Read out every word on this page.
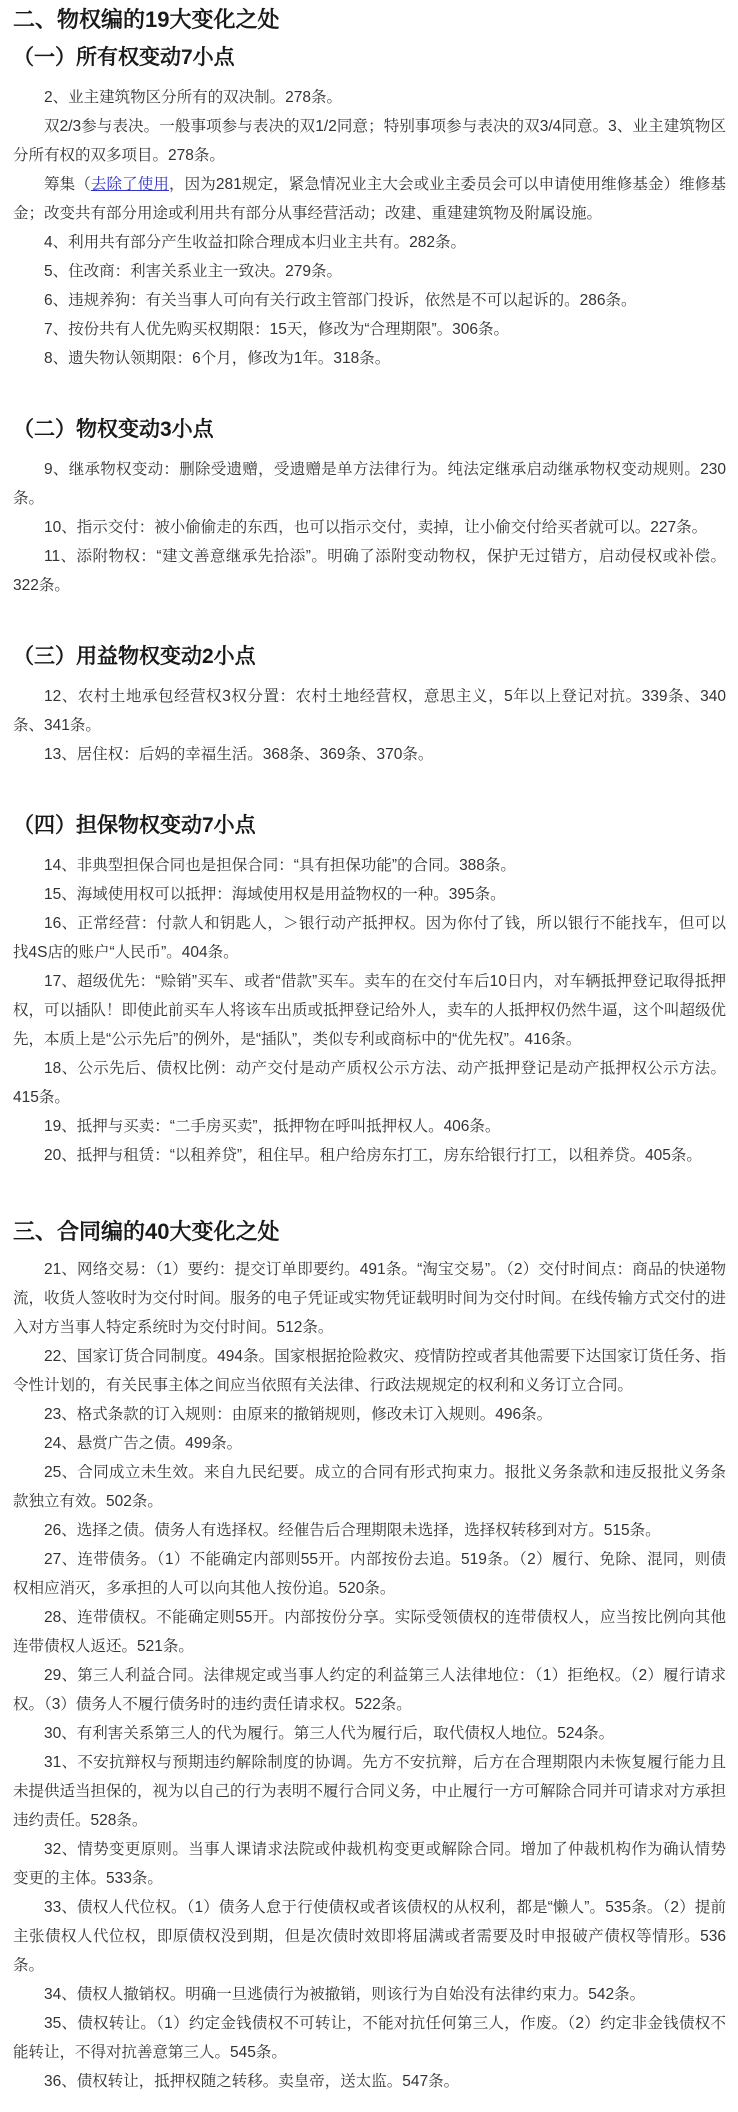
二、物权编的19大变化之处
（一）所有权变动7小点

2、业主建筑物区分所有的双决制。278条。

双2/3参与表决。一般事项参与表决的双1/2同意；特别事项参与表决的双3/4同意。3、业主建筑物区分所有权的双多项目。278条。

筹集（去除了使用，因为281规定，紧急情况业主大会或业主委员会可以申请使用维修基金）维修基金；改变共有部分用途或利用共有部分从事经营活动；改建、重建建筑物及附属设施。

4、利用共有部分产生收益扣除合理成本归业主共有。282条。

5、住改商：利害关系业主一致决。279条。

6、违规养狗：有关当事人可向有关行政主管部门投诉，依然是不可以起诉的。286条。

7、按份共有人优先购买权期限：15天，修改为“合理期限”。306条。

8、遗失物认领期限：6个月，修改为1年。318条。

（二）物权变动3小点

9、继承物权变动：删除受遗赠，受遗赠是单方法律行为。纯法定继承启动继承物权变动规则。230条。

10、指示交付：被小偷偷走的东西，也可以指示交付，卖掉，让小偷交付给买者就可以。227条。

11、添附物权：“建文善意继承先拾添”。明确了添附变动物权，保护无过错方，启动侵权或补偿。322条。

（三）用益物权变动2小点

12、农村土地承包经营权3权分置：农村土地经营权，意思主义，5年以上登记对抗。339条、340条、341条。

13、居住权：后妈的幸福生活。368条、369条、370条。

（四）担保物权变动7小点

14、非典型担保合同也是担保合同：“具有担保功能”的合同。388条。

15、海域使用权可以抵押：海域使用权是用益物权的一种。395条。

16、正常经营：付款人和钥匙人，＞银行动产抵押权。因为你付了钱，所以银行不能找车，但可以找4S店的账户“人民币”。404条。

17、超级优先：“赊销”买车、或者“借款”买车。卖车的在交付车后10日内，对车辆抵押登记取得抵押权，可以插队！即使此前买车人将该车出质或抵押登记给外人，卖车的人抵押权仍然牛逼，这个叫超级优先，本质上是“公示先后”的例外，是“插队”，类似专利或商标中的“优先权”。416条。

18、公示先后、债权比例：动产交付是动产质权公示方法、动产抵押登记是动产抵押权公示方法。415条。

19、抵押与买卖：“二手房买卖”，抵押物在呼叫抵押权人。406条。

20、抵押与租赁：“以租养贷”，租住早。租户给房东打工，房东给银行打工，以租养贷。405条。

三、合同编的40大变化之处

21、网络交易：（1）要约：提交订单即要约。491条。“淘宝交易”。（2）交付时间点：商品的快递物流，收货人签收时为交付时间。服务的电子凭证或实物凭证载明时间为交付时间。在线传输方式交付的进入对方当事人特定系统时为交付时间。512条。

22、国家订货合同制度。494条。国家根据抢险救灾、疫情防控或者其他需要下达国家订货任务、指令性计划的，有关民事主体之间应当依照有关法律、行政法规规定的权利和义务订立合同。

23、格式条款的订入规则：由原来的撤销规则，修改未订入规则。496条。

24、悬赏广告之债。499条。

25、合同成立未生效。来自九民纪要。成立的合同有形式拘束力。报批义务条款和违反报批义务条款独立有效。502条。

26、选择之债。债务人有选择权。经催告后合理期限未选择，选择权转移到对方。515条。

27、连带债务。（1）不能确定内部则55开。内部按份去追。519条。（2）履行、免除、混同，则债权相应消灭，多承担的人可以向其他人按份追。520条。

28、连带债权。不能确定则55开。内部按份分享。实际受领债权的连带债权人，应当按比例向其他连带债权人返还。521条。

29、第三人利益合同。法律规定或当事人约定的利益第三人法律地位：（1）拒绝权。（2）履行请求权。（3）债务人不履行债务时的违约责任请求权。522条。

30、有利害关系第三人的代为履行。第三人代为履行后，取代债权人地位。524条。

31、不安抗辩权与预期违约解除制度的协调。先方不安抗辩，后方在合理期限内未恢复履行能力且未提供适当担保的，视为以自己的行为表明不履行合同义务，中止履行一方可解除合同并可请求对方承担违约责任。528条。

32、情势变更原则。当事人课请求法院或仲裁机构变更或解除合同。增加了仲裁机构作为确认情势变更的主体。533条。

33、债权人代位权。（1）债务人怠于行使债权或者该债权的从权利，都是“懒人”。535条。（2）提前主张债权人代位权，即原债权没到期，但是次债时效即将届满或者需要及时申报破产债权等情形。536条。

34、债权人撤销权。明确一旦逃债行为被撤销，则该行为自始没有法律约束力。542条。

35、债权转让。（1）约定金钱债权不可转让，不能对抗任何第三人，作废。（2）约定非金钱债权不能转让，不得对抗善意第三人。545条。

36、债权转让，抵押权随之转移。卖皇帝，送太监。547条。
